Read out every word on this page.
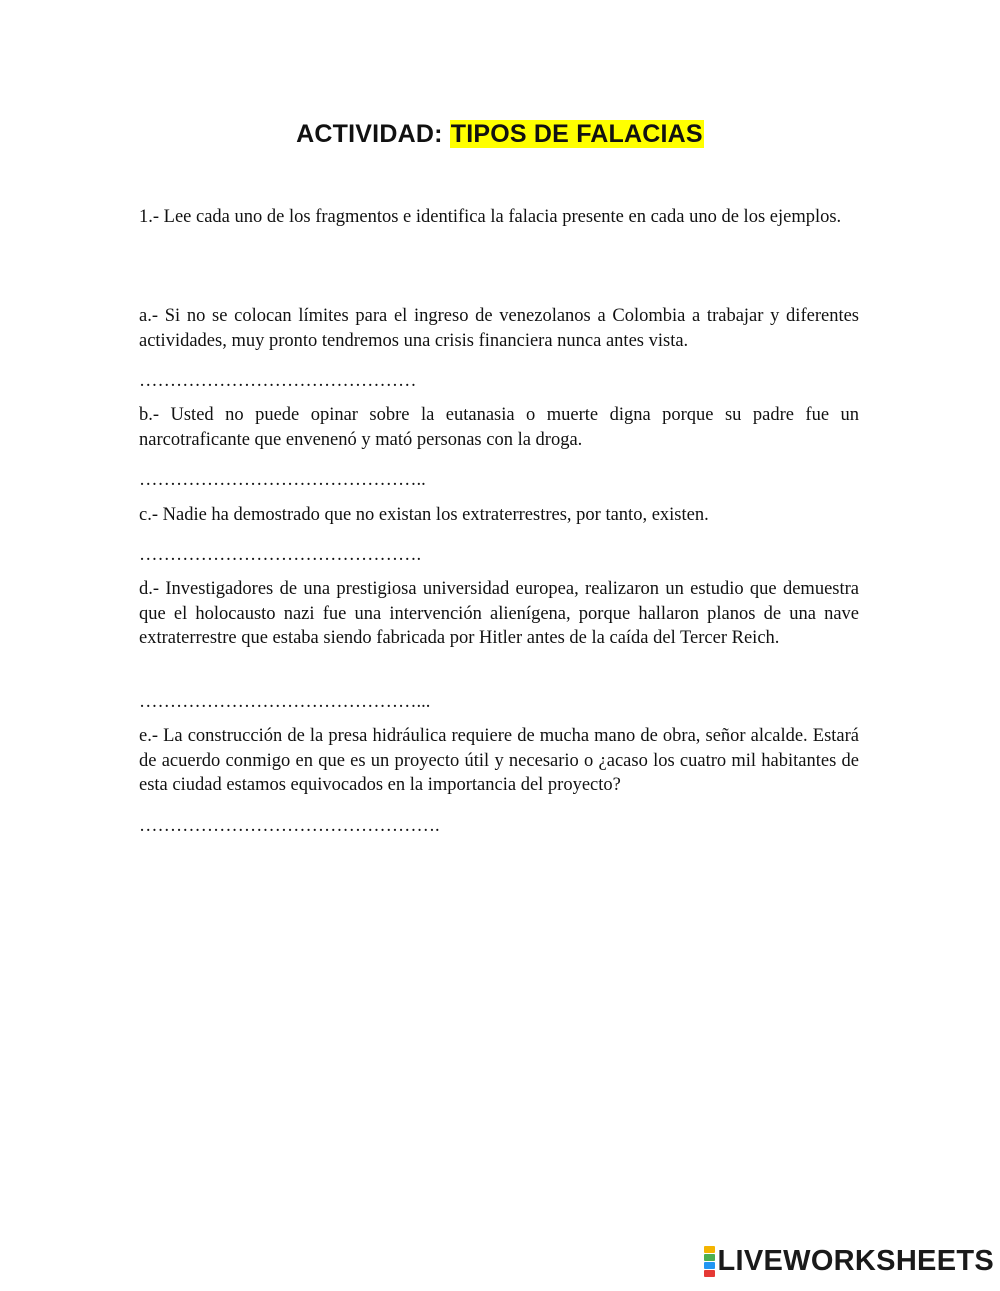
ACTIVIDAD: TIPOS DE FALACIAS

1.- Lee cada uno de los fragmentos e identifica la falacia presente en cada uno de los ejemplos.

a.- Si no se colocan límites para el ingreso de venezolanos a Colombia a trabajar y diferentes actividades, muy pronto tendremos una crisis financiera nunca antes vista.

………………………………………

b.- Usted no puede opinar sobre la eutanasia o muerte digna porque su padre fue un narcotraficante que envenenó y mató personas con la droga.

………………………………………..

c.- Nadie ha demostrado que no existan los extraterrestres, por tanto, existen.

……………………………………….

d.- Investigadores de una prestigiosa universidad europea, realizaron un estudio que demuestra que el holocausto nazi fue una intervención alienígena, porque hallaron planos de una nave extraterrestre que estaba siendo fabricada por Hitler antes de la caída del Tercer Reich.

………………………………………...

e.- La construcción de la presa hidráulica requiere de mucha mano de obra, señor alcalde. Estará de acuerdo conmigo en que es un proyecto útil y necesario o ¿acaso los cuatro mil habitantes de esta ciudad estamos equivocados en la importancia del proyecto?

………………………………………….

LIVEWORKSHEETS
